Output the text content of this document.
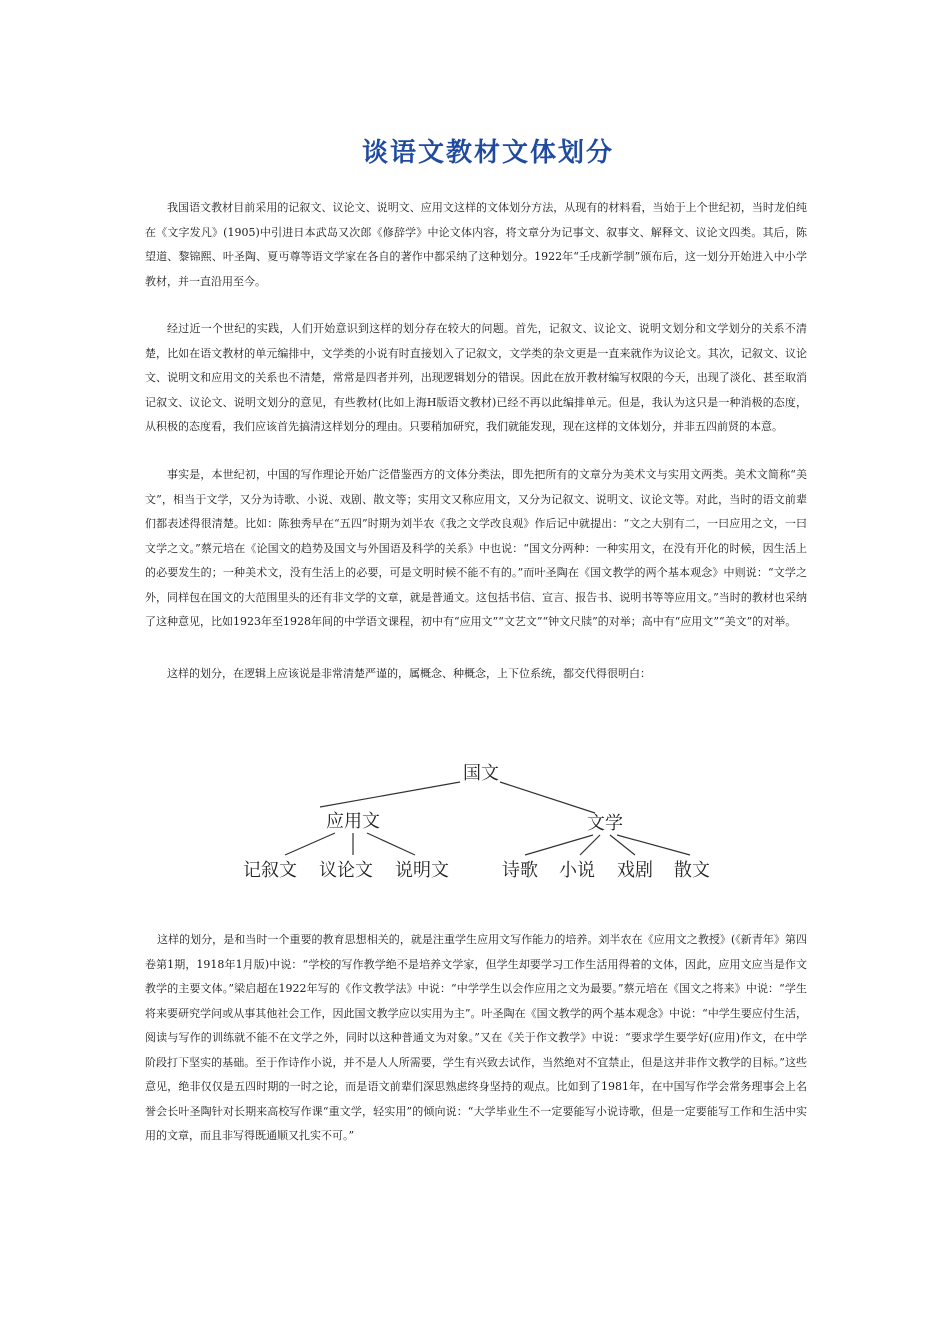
谈语文教材文体划分

我国语文教材目前采用的记叙文、议论文、说明文、应用文这样的文体划分方法，从现有的材料看，当始于上个世纪初，当时龙伯纯在《文字发凡》(1905)中引进日本武岛又次郎《修辞学》中论文体内容，将文章分为记事文、叙事文、解释文、议论文四类。其后，陈望道、黎锦熙、叶圣陶、夏丏尊等语文学家在各自的著作中都采纳了这种划分。1922年“壬戌新学制”颁布后，这一划分开始进入中小学教材，并一直沿用至今。

经过近一个世纪的实践，人们开始意识到这样的划分存在较大的问题。首先，记叙文、议论文、说明文划分和文学划分的关系不清楚，比如在语文教材的单元编排中，文学类的小说有时直接划入了记叙文，文学类的杂文更是一直来就作为议论文。其次，记叙文、议论文、说明文和应用文的关系也不清楚，常常是四者并列，出现逻辑划分的错误。因此在放开教材编写权限的今天，出现了淡化、甚至取消记叙文、议论文、说明文划分的意见，有些教材(比如上海H版语文教材)已经不再以此编排单元。但是，我认为这只是一种消极的态度，从积极的态度看，我们应该首先搞清这样划分的理由。只要稍加研究，我们就能发现，现在这样的文体划分，并非五四前贤的本意。

事实是，本世纪初，中国的写作理论开始广泛借鉴西方的文体分类法，即先把所有的文章分为美术文与实用文两类。美术文简称“美文”，相当于文学，又分为诗歌、小说、戏剧、散文等；实用文又称应用文，又分为记叙文、说明文、议论文等。对此，当时的语文前辈们都表述得很清楚。比如：陈独秀早在“五四”时期为刘半农《我之文学改良观》作后记中就提出：“文之大别有二，一曰应用之文，一曰文学之文。”蔡元培在《论国文的趋势及国文与外国语及科学的关系》中也说：“国文分两种：一种实用文，在没有开化的时候，因生活上的必要发生的；一种美术文，没有生活上的必要，可是文明时候不能不有的。”而叶圣陶在《国文教学的两个基本观念》中则说：“文学之外，同样包在国文的大范围里头的还有非文学的文章，就是普通文。这包括书信、宣言、报告书、说明书等等应用文。”当时的教材也采纳了这种意见，比如1923年至1928年间的中学语文课程，初中有“应用文”“文艺文”“钟文尺牍”的对举；高中有“应用文”“美文”的对举。

这样的划分，在逻辑上应该说是非常清楚严谨的，属概念、种概念，上下位系统，都交代得很明白：

国文
应用文	文学
记叙文 议论文 说明文	诗歌 小说 戏剧 散文

这样的划分，是和当时一个重要的教育思想相关的，就是注重学生应用文写作能力的培养。刘半农在《应用文之教授》(《新青年》第四卷第1期，1918年1月版)中说：“学校的写作教学绝不是培养文学家，但学生却要学习工作生活用得着的文体，因此，应用文应当是作文教学的主要文体。”梁启超在1922年写的《作文教学法》中说：“中学学生以会作应用之文为最要。”蔡元培在《国文之将来》中说：“学生将来要研究学问或从事其他社会工作，因此国文教学应以实用为主”。叶圣陶在《国文教学的两个基本观念》中说：“中学生要应付生活，阅读与写作的训练就不能不在文学之外，同时以这种普通文为对象。”又在《关于作文教学》中说：“要求学生要学好(应用)作文，在中学阶段打下坚实的基础。至于作诗作小说，并不是人人所需要，学生有兴致去试作，当然绝对不宜禁止，但是这并非作文教学的目标。”这些意见，绝非仅仅是五四时期的一时之论，而是语文前辈们深思熟虑终身坚持的观点。比如到了1981年，在中国写作学会常务理事会上名誉会长叶圣陶针对长期来高校写作课“重文学，轻实用”的倾向说：“大学毕业生不一定要能写小说诗歌，但是一定要能写工作和生活中实用的文章，而且非写得既通顺又扎实不可。”
